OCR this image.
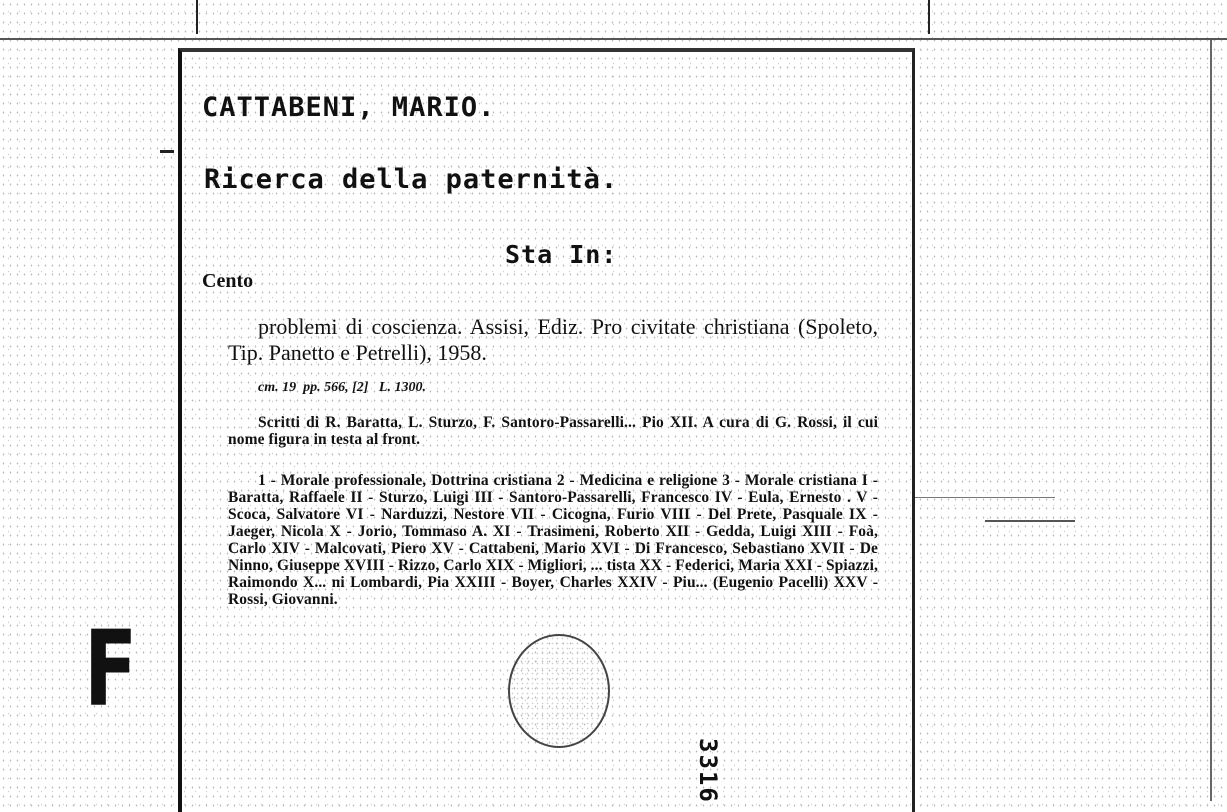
CATTABENI, MARIO.
Ricerca della paternità.
Sta In:
Cento
problemi di coscienza. Assisi, Ediz. Pro civitate christiana (Spoleto, Tip. Panetto e Petrelli), 1958.
cm. 19  pp. 566, [2]   L. 1300.
Scritti di R. Baratta, L. Sturzo, F. Santoro-Passarelli... Pio XII. A cura di G. Rossi, il cui nome figura in testa al front.
1 - Morale professionale, Dottrina cristiana 2 - Medicina e religione 3 - Morale cristiana I - Baratta, Raffaele II - Sturzo, Luigi III - Santoro-Passarelli, Francesco IV - Eula, Ernesto . V - Scoca, Salvatore VI - Narduzzi, Nestore VII - Cicogna, Furio VIII - Del Prete, Pasquale IX - Jaeger, Nicola X - Jorio, Tommaso A. XI - Trasimeni, Roberto XII - Gedda, Luigi XIII - Foà, Carlo XIV - Malcovati, Piero XV - Cattabeni, Mario XVI - Di Francesco, Sebastiano XVII - De Ninno, Giuseppe XVIII - Rizzo, Carlo XIX - Migliori, ... tista XX - Federici, Maria XXI - Spiazzi, Raimondo X... ni Lombardi, Pia XXIII - Boyer, Charles XXIV - Piu... (Eugenio Pacelli) XXV - Rossi, Giovanni.
F
3316
